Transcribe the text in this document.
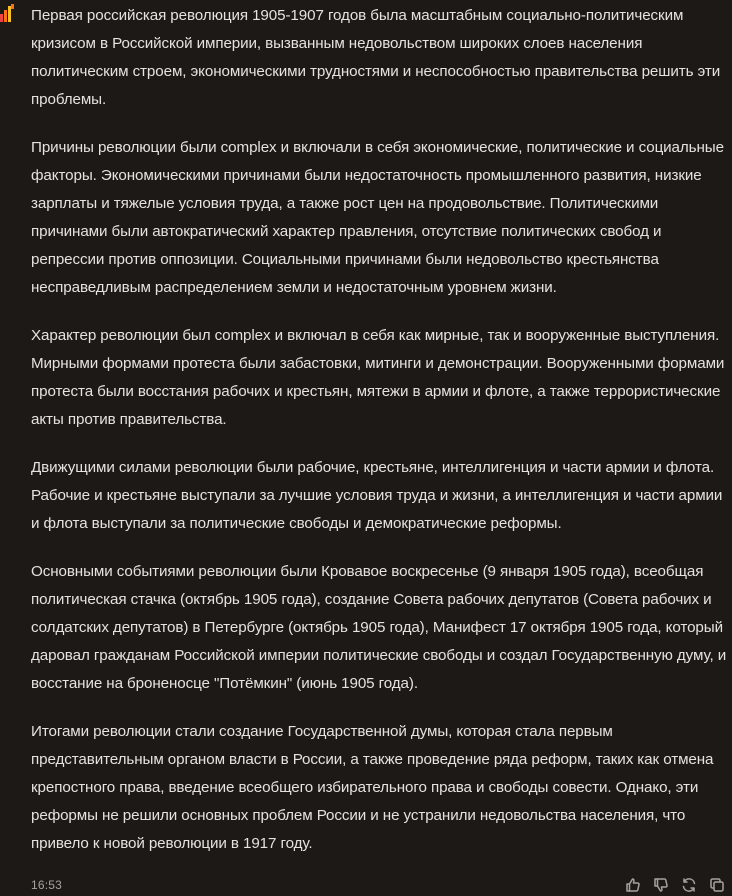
Первая российская революция 1905-1907 годов была масштабным социально-политическим кризисом в Российской империи, вызванным недовольством широких слоев населения политическим строем, экономическими трудностями и неспособностью правительства решить эти проблемы.

Причины революции были complex и включали в себя экономические, политические и социальные факторы. Экономическими причинами были недостаточность промышленного развития, низкие зарплаты и тяжелые условия труда, а также рост цен на продовольствие. Политическими причинами были автократический характер правления, отсутствие политических свобод и репрессии против оппозиции. Социальными причинами были недовольство крестьянства несправедливым распределением земли и недостаточным уровнем жизни.

Характер революции был complex и включал в себя как мирные, так и вооруженные выступления. Мирными формами протеста были забастовки, митинги и демонстрации. Вооруженными формами протеста были восстания рабочих и крестьян, мятежи в армии и флоте, а также террористические акты против правительства.

Движущими силами революции были рабочие, крестьяне, интеллигенция и части армии и флота. Рабочие и крестьяне выступали за лучшие условия труда и жизни, а интеллигенция и части армии и флота выступали за политические свободы и демократические реформы.

Основными событиями революции были Кровавое воскресенье (9 января 1905 года), всеобщая политическая стачка (октябрь 1905 года), создание Совета рабочих депутатов (Совета рабочих и солдатских депутатов) в Петербурге (октябрь 1905 года), Манифест 17 октября 1905 года, который даровал гражданам Российской империи политические свободы и создал Государственную думу, и восстание на броненосце "Потёмкин" (июнь 1905 года).

Итогами революции стали создание Государственной думы, которая стала первым представительным органом власти в России, а также проведение ряда реформ, таких как отмена крепостного права, введение всеобщего избирательного права и свободы совести. Однако, эти реформы не решили основных проблем России и не устранили недовольства населения, что привело к новой революции в 1917 году.

16:53
